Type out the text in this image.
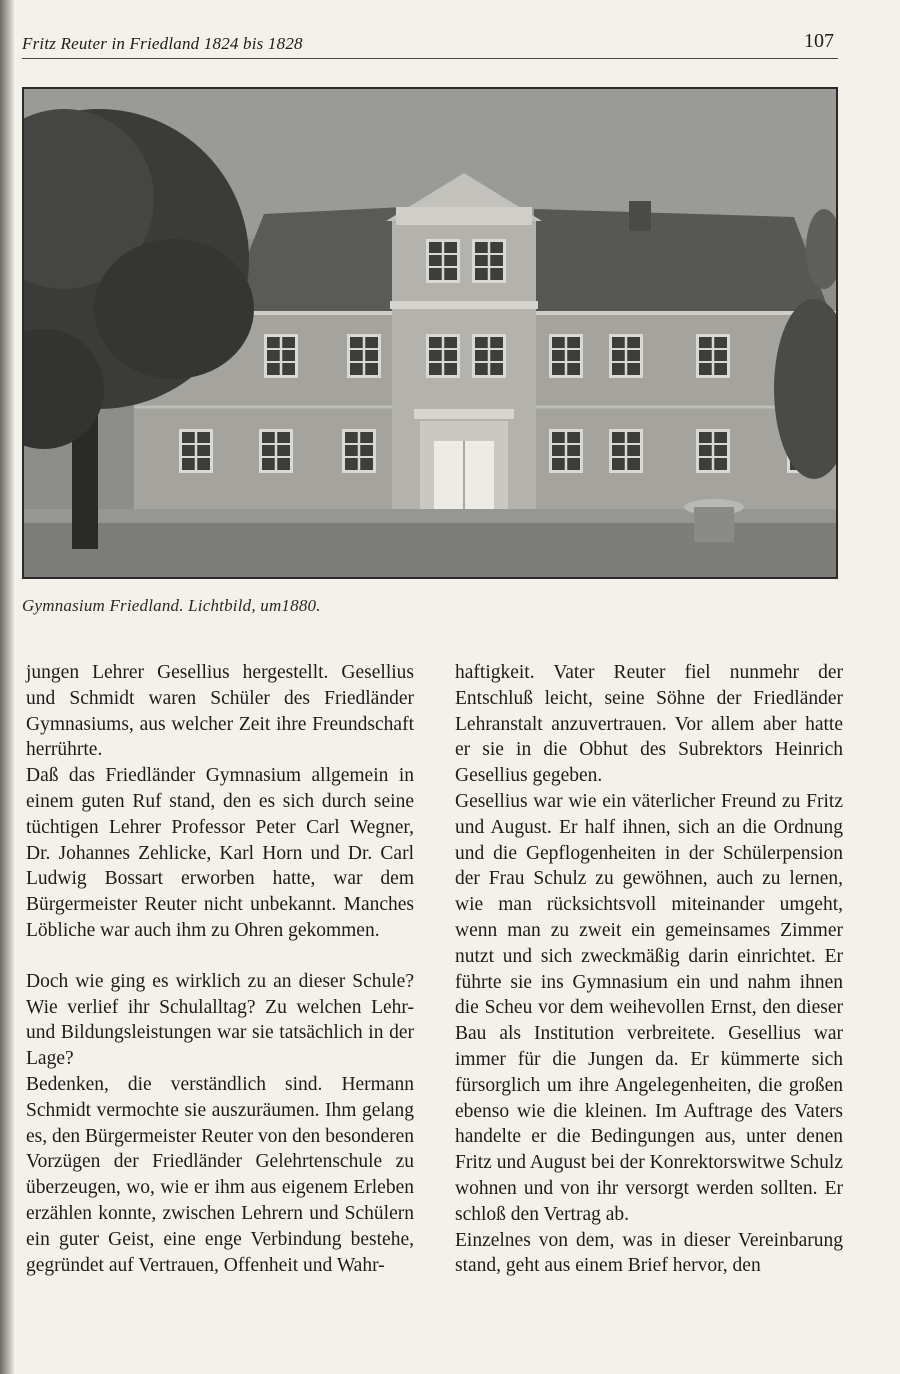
Fritz Reuter in Friedland 1824 bis 1828	107
Gymnasium Friedland. Lichtbild, um1880.

jungen Lehrer Gesellius hergestellt. Gesellius und Schmidt waren Schüler des Friedländer Gymnasiums, aus welcher Zeit ihre Freundschaft herrührte.

Daß das Friedländer Gymnasium allgemein in einem guten Ruf stand, den es sich durch seine tüchtigen Lehrer Professor Peter Carl Wegner, Dr. Johannes Zehlicke, Karl Horn und Dr. Carl Ludwig Bossart erworben hatte, war dem Bürgermeister Reuter nicht unbekannt. Manches Löbliche war auch ihm zu Ohren gekommen.

Doch wie ging es wirklich zu an dieser Schule? Wie verlief ihr Schulalltag? Zu welchen Lehr- und Bildungsleistungen war sie tatsächlich in der Lage?

Bedenken, die verständlich sind. Hermann Schmidt vermochte sie auszuräumen. Ihm gelang es, den Bürgermeister Reuter von den besonderen Vorzügen der Friedländer Gelehrtenschule zu überzeugen, wo, wie er ihm aus eigenem Erleben erzählen konnte, zwischen Lehrern und Schülern ein guter Geist, eine enge Verbindung bestehe, gegründet auf Vertrauen, Offenheit und Wahr-

haftigkeit. Vater Reuter fiel nunmehr der Entschluß leicht, seine Söhne der Friedländer Lehranstalt anzuvertrauen. Vor allem aber hatte er sie in die Obhut des Subrektors Heinrich Gesellius gegeben.

Gesellius war wie ein väterlicher Freund zu Fritz und August. Er half ihnen, sich an die Ordnung und die Gepflogenheiten in der Schülerpension der Frau Schulz zu gewöhnen, auch zu lernen, wie man rücksichtsvoll miteinander umgeht, wenn man zu zweit ein gemeinsames Zimmer nutzt und sich zweckmäßig darin einrichtet. Er führte sie ins Gymnasium ein und nahm ihnen die Scheu vor dem weihevollen Ernst, den dieser Bau als Institution verbreitete. Gesellius war immer für die Jungen da. Er kümmerte sich fürsorglich um ihre Angelegenheiten, die großen ebenso wie die kleinen. Im Auftrage des Vaters handelte er die Bedingungen aus, unter denen Fritz und August bei der Konrektorswitwe Schulz wohnen und von ihr versorgt werden sollten. Er schloß den Vertrag ab.

Einzelnes von dem, was in dieser Vereinbarung stand, geht aus einem Brief hervor, den
